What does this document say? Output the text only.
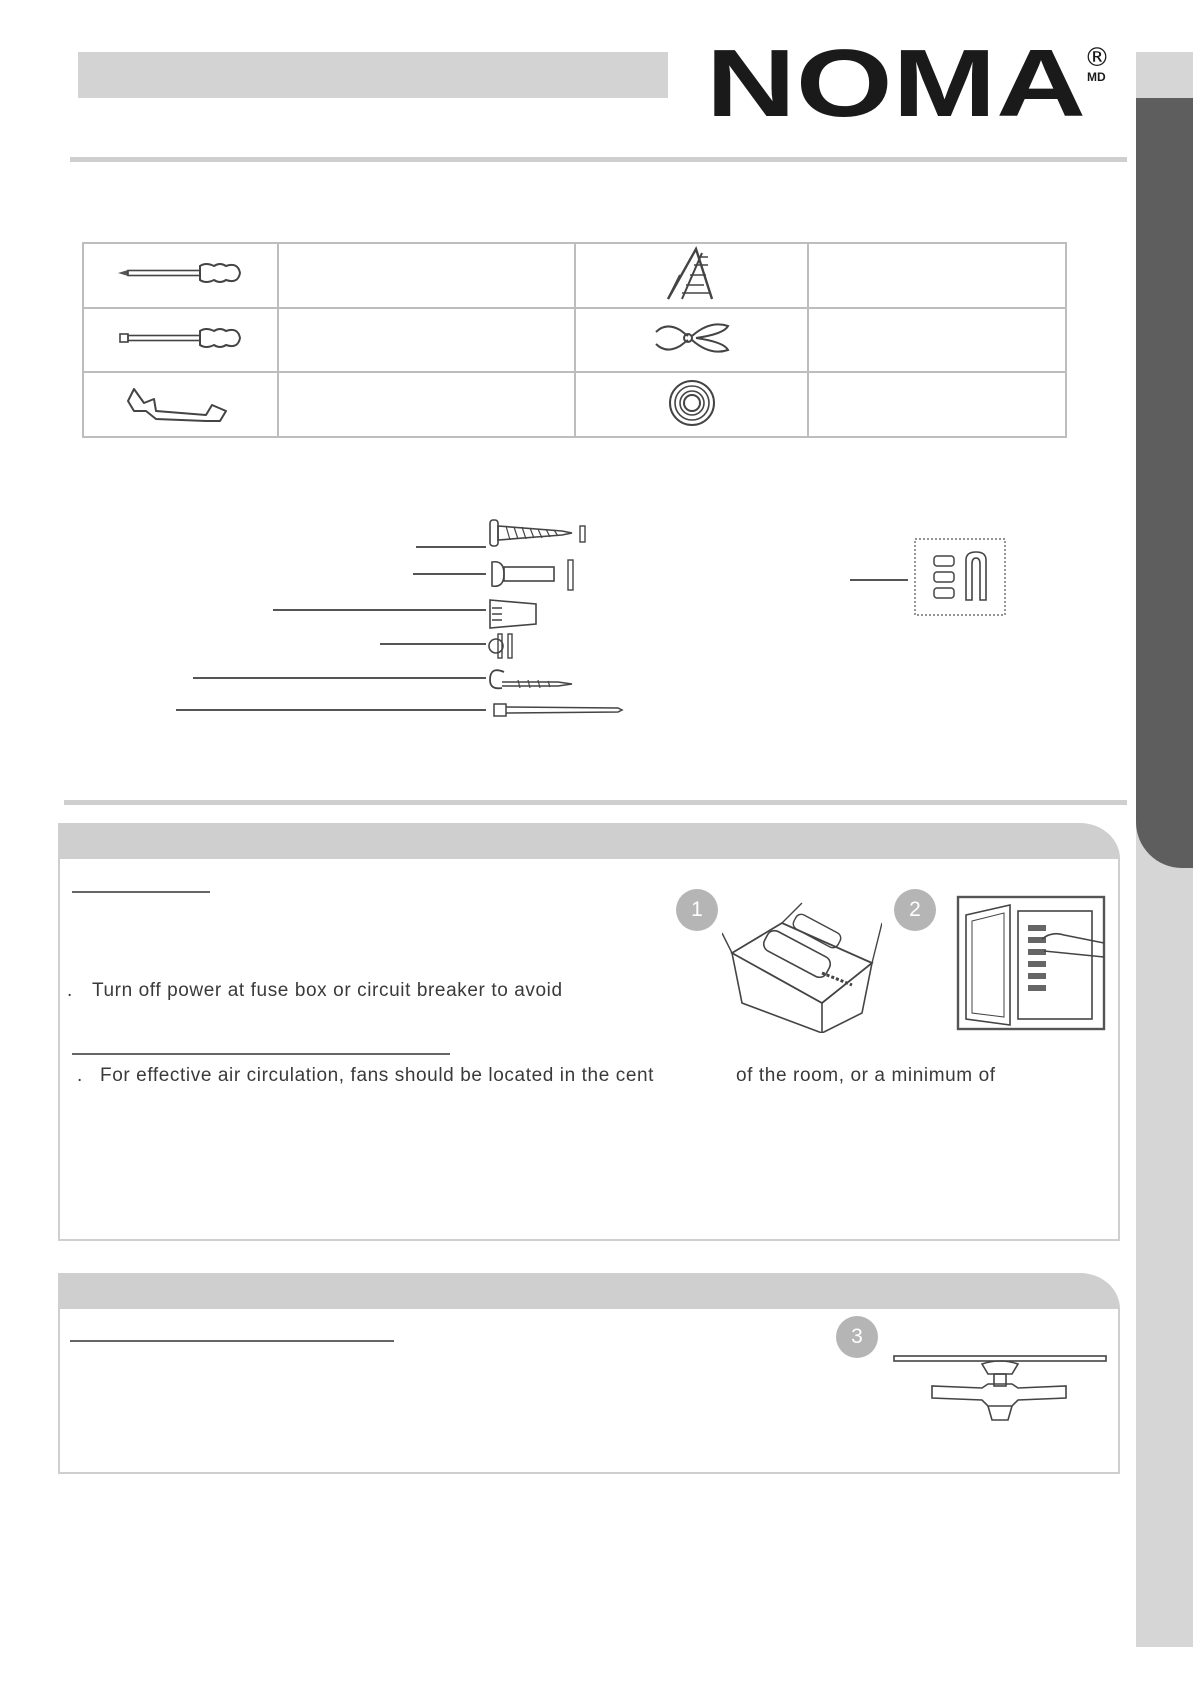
NOMA
®
MD

. Turn off power at fuse box or circuit breaker to avoid
. For effective air circulation, fans should be located in the cent	of the room, or a minimum of
1	2
3
